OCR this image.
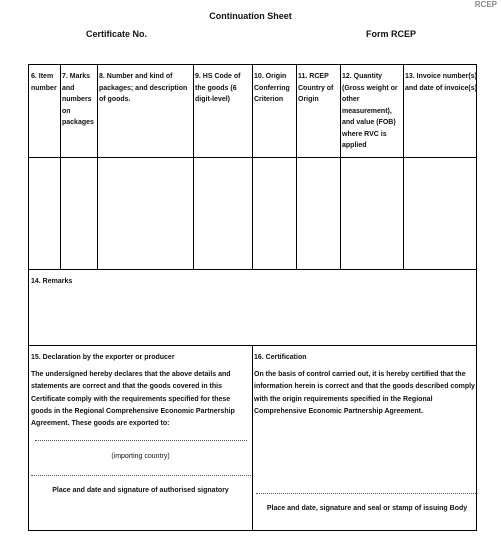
RCEP
Continuation Sheet
Certificate No.	Form RCEP
6. Item number
7. Marks and numbers on packages
8. Number and kind of packages; and description of goods.
9. HS Code of the goods (6 digit-level)
10. Origin Conferring Criterion
11. RCEP Country of Origin
12. Quantity (Gross weight or other measurement), and value (FOB) where RVC is applied
13. Invoice number(s) and date of invoice(s)
14. Remarks
15. Declaration by the exporter or producer
The undersigned hereby declares that the above details and statements are correct and that the goods covered in this Certificate comply with the requirements specified for these goods in the Regional Comprehensive Economic Partnership Agreement. These goods are exported to:
(importing country)
Place and date and signature of authorised signatory
16. Certification
On the basis of control carried out, it is hereby certified that the information herein is correct and that the goods described comply with the origin requirements specified in the Regional Comprehensive Economic Partnership Agreement.
Place and date, signature and seal or stamp of issuing Body
